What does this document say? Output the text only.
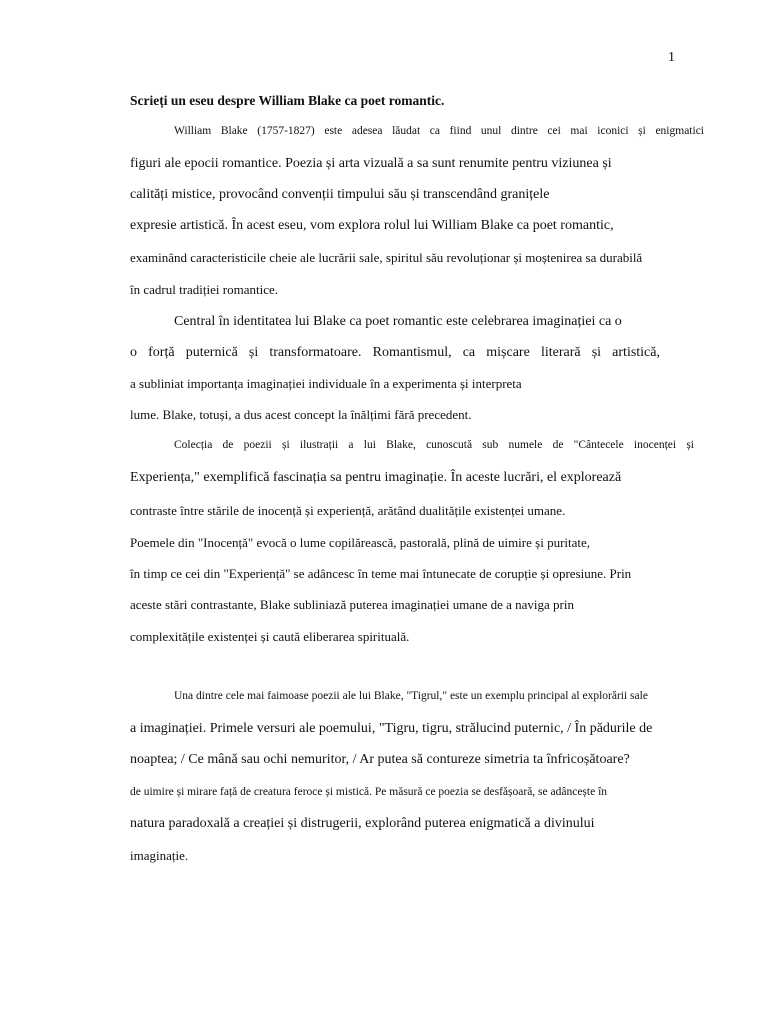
1
Scrieți un eseu despre William Blake ca poet romantic.
William Blake (1757-1827) este adesea lăudat ca fiind unul dintre cei mai iconici și enigmatici
figuri ale epocii romantice. Poezia și arta vizuală a sa sunt renumite pentru viziunea și
calități mistice, provocând convenții timpului său și transcendând granițele
expresie artistică. În acest eseu, vom explora rolul lui William Blake ca poet romantic,
examinând caracteristicile cheie ale lucrării sale, spiritul său revoluționar și moștenirea sa durabilă
în cadrul tradiției romantice.
Central în identitatea lui Blake ca poet romantic este celebrarea imaginației ca o
o forță puternică și transformatoare. Romantismul, ca mișcare literară și artistică,
a subliniat importanța imaginației individuale în a experimenta și interpreta
lume. Blake, totuși, a dus acest concept la înălțimi fără precedent.
Colecția de poezii și ilustrații a lui Blake, cunoscută sub numele de "Cântecele inocenței și
Experiența," exemplifică fascinația sa pentru imaginație. În aceste lucrări, el explorează
contraste între stările de inocență și experiență, arătând dualitățile existenței umane.
Poemele din "Inocență" evocă o lume copilărească, pastorală, plină de uimire și puritate,
în timp ce cei din "Experiență" se adâncesc în teme mai întunecate de corupție și opresiune. Prin
aceste stări contrastante, Blake subliniază puterea imaginației umane de a naviga prin
complexitățile existenței și caută eliberarea spirituală.
Una dintre cele mai faimoase poezii ale lui Blake, "Tigrul," este un exemplu principal al explorării sale
a imaginației. Primele versuri ale poemului, "Tigru, tigru, strălucind puternic, / În pădurile de
noaptea; / Ce mână sau ochi nemuritor, / Ar putea să contureze simetria ta înfricoșătoare?
de uimire și mirare față de creatura feroce și mistică. Pe măsură ce poezia se desfășoară, se adâncește în
natura paradoxală a creației și distrugerii, explorând puterea enigmatică a divinului
imaginație.
